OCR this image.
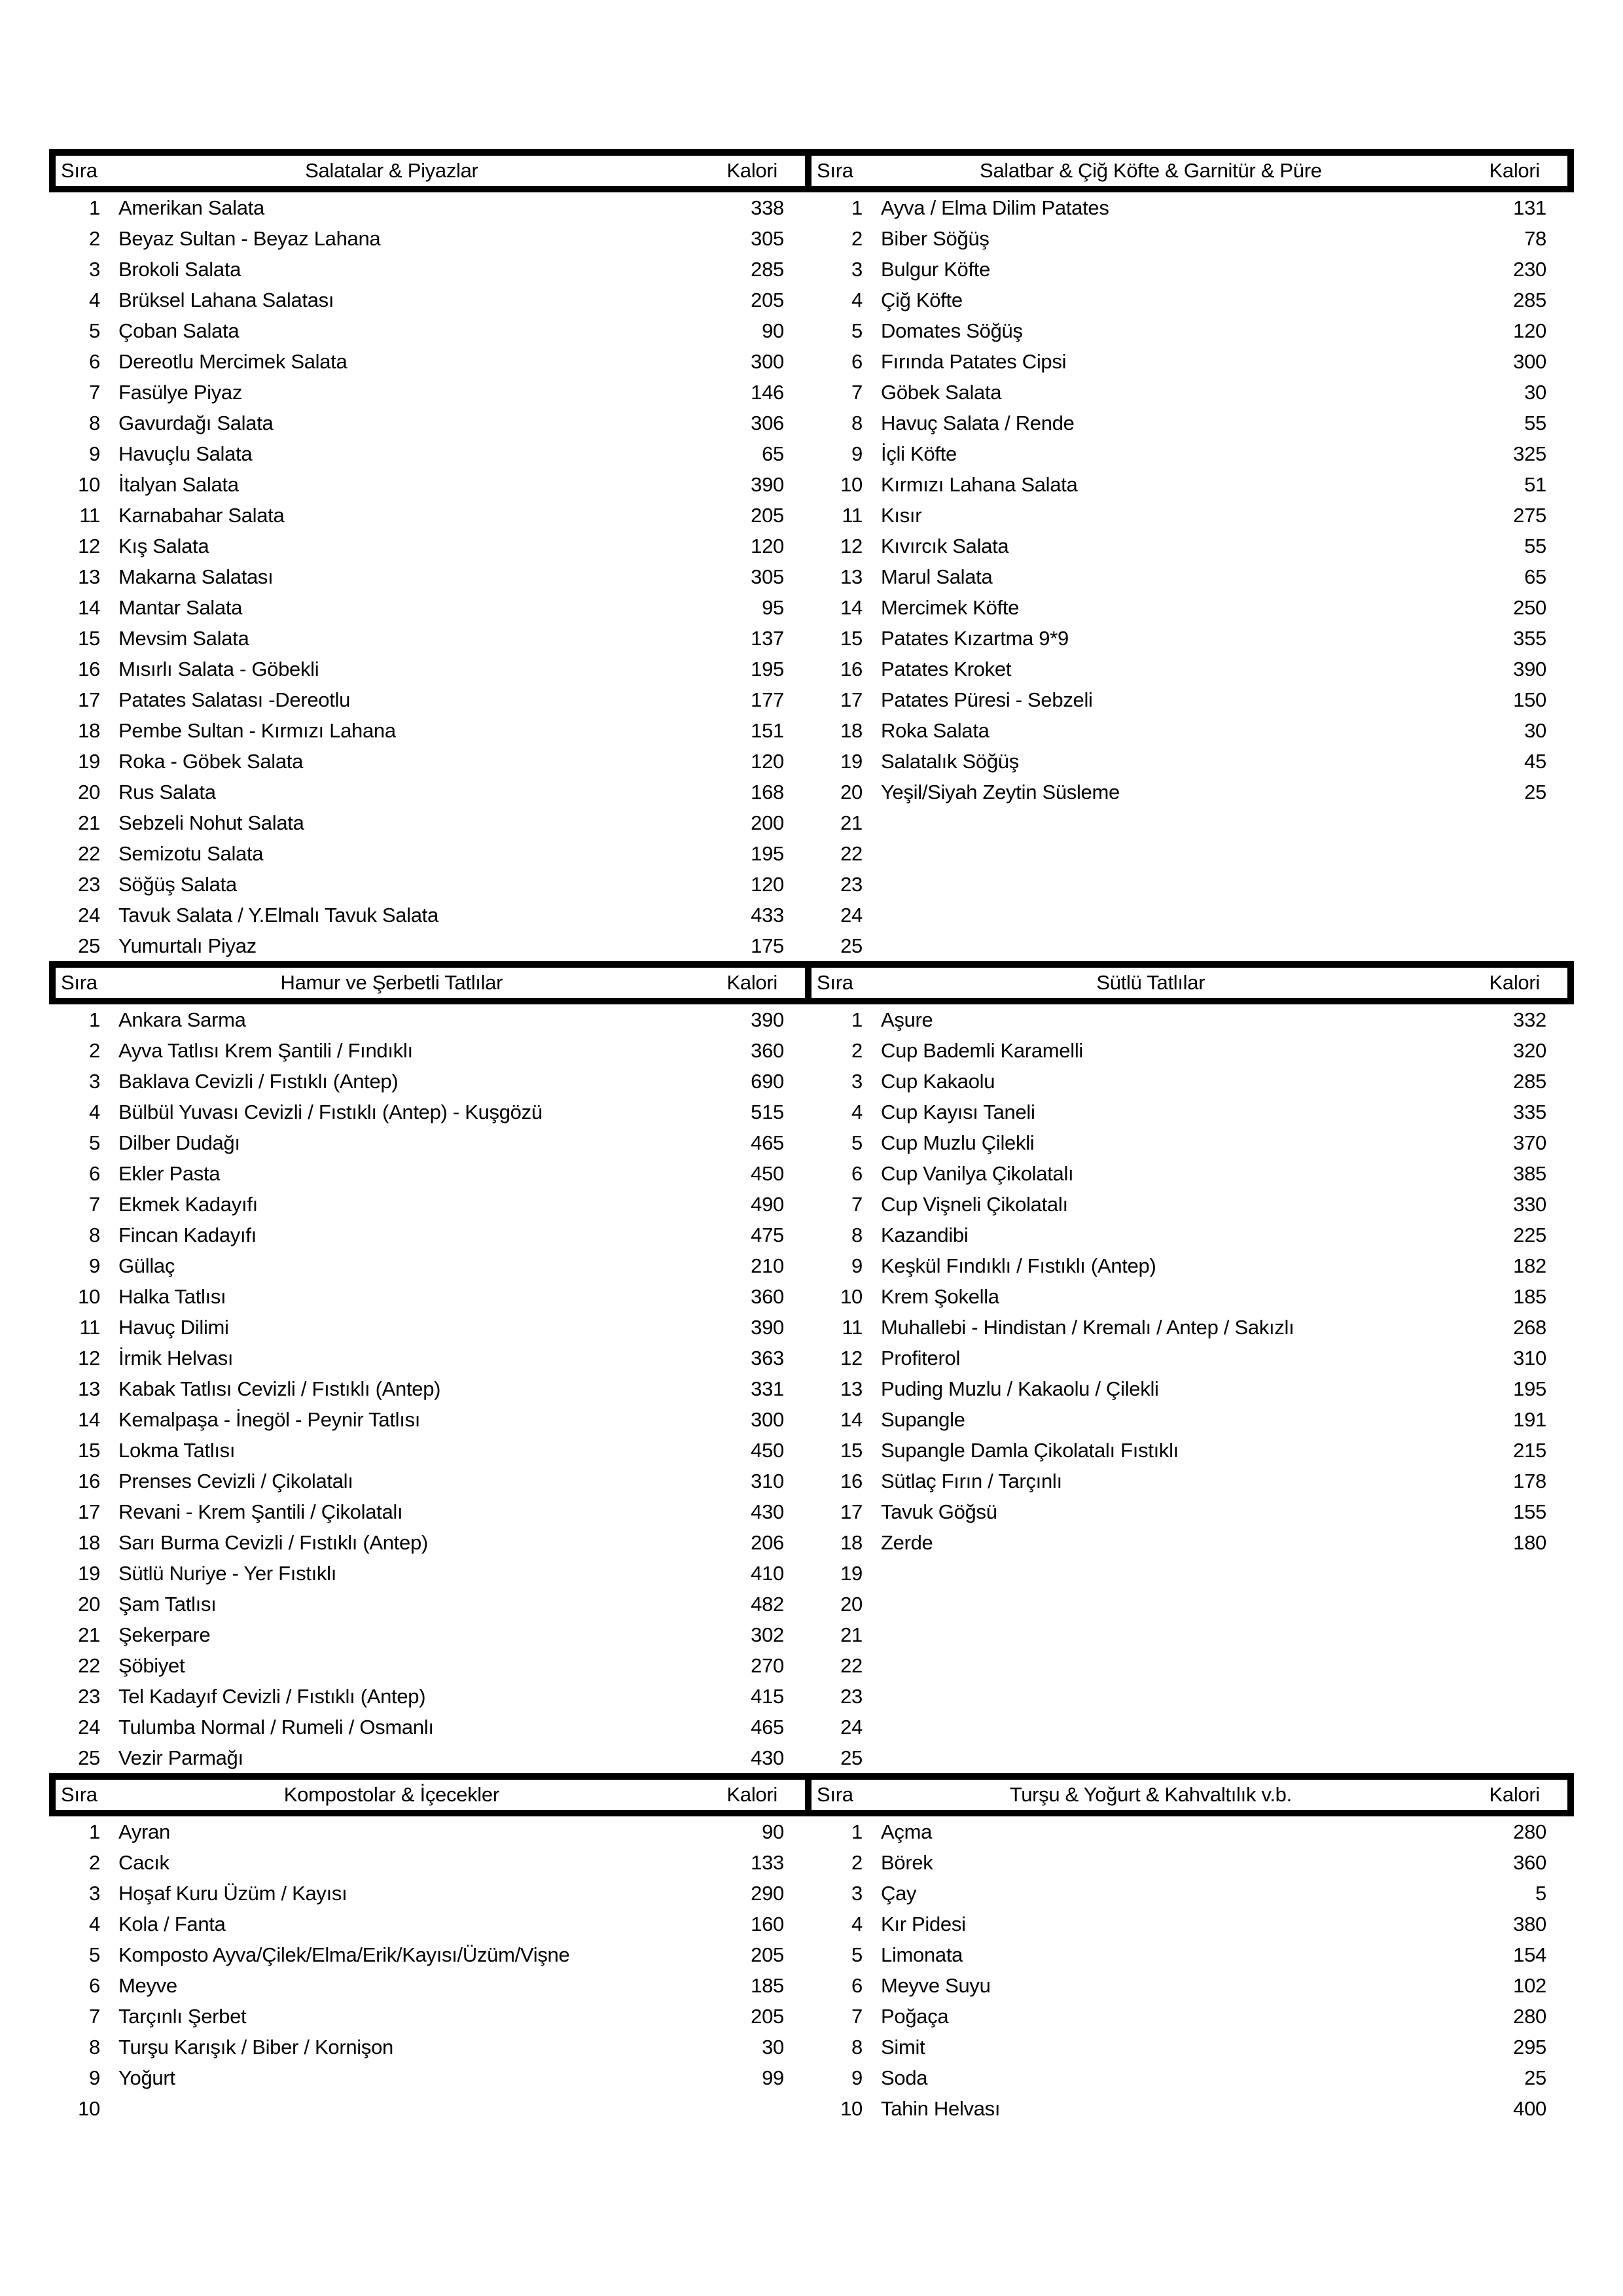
Sıra	Salatalar & Piyazlar	Kalori	Sıra	Salatbar & Çiğ Köfte & Garnitür & Püre	Kalori
1 Amerikan Salata	338
2 Beyaz Sultan - Beyaz Lahana	305
3 Brokoli Salata	285
4 Brüksel Lahana Salatası	205
5 Çoban Salata	90
6 Dereotlu Mercimek Salata	300
7 Fasülye Piyaz	146
8 Gavurdağı Salata	306
9 Havuçlu Salata	65
10 İtalyan Salata	390
11 Karnabahar Salata	205
12 Kış Salata	120
13 Makarna Salatası	305
14 Mantar Salata	95
15 Mevsim Salata	137
16 Mısırlı Salata - Göbekli	195
17 Patates Salatası -Dereotlu	177
18 Pembe Sultan - Kırmızı Lahana	151
19 Roka - Göbek Salata	120
20 Rus Salata	168
21 Sebzeli Nohut Salata	200
22 Semizotu Salata	195
23 Söğüş Salata	120
24 Tavuk Salata / Y.Elmalı Tavuk Salata	433
25 Yumurtalı Piyaz	175
1 Ayva / Elma Dilim Patates	131
2 Biber Söğüş	78
3 Bulgur Köfte	230
4 Çiğ Köfte	285
5 Domates Söğüş	120
6 Fırında Patates Cipsi	300
7 Göbek Salata	30
8 Havuç Salata / Rende	55
9 İçli Köfte	325
10 Kırmızı Lahana Salata	51
11 Kısır	275
12 Kıvırcık Salata	55
13 Marul Salata	65
14 Mercimek Köfte	250
15 Patates Kızartma 9*9	355
16 Patates Kroket	390
17 Patates Püresi - Sebzeli	150
18 Roka Salata	30
19 Salatalık Söğüş	45
20 Yeşil/Siyah Zeytin Süsleme	25
21
22
23
24
25
Sıra	Hamur ve Şerbetli Tatlılar	Kalori	Sıra	Sütlü Tatlılar	Kalori
1 Ankara Sarma	390
2 Ayva Tatlısı Krem Şantili / Fındıklı	360
3 Baklava Cevizli / Fıstıklı (Antep)	690
4 Bülbül Yuvası Cevizli / Fıstıklı (Antep) - Kuşgözü	515
5 Dilber Dudağı	465
6 Ekler Pasta	450
7 Ekmek Kadayıfı	490
8 Fincan Kadayıfı	475
9 Güllaç	210
10 Halka Tatlısı	360
11 Havuç Dilimi	390
12 İrmik Helvası	363
13 Kabak Tatlısı Cevizli / Fıstıklı (Antep)	331
14 Kemalpaşa - İnegöl - Peynir Tatlısı	300
15 Lokma Tatlısı	450
16 Prenses Cevizli / Çikolatalı	310
17 Revani - Krem Şantili / Çikolatalı	430
18 Sarı Burma Cevizli / Fıstıklı (Antep)	206
19 Sütlü Nuriye - Yer Fıstıklı	410
20 Şam Tatlısı	482
21 Şekerpare	302
22 Şöbiyet	270
23 Tel Kadayıf Cevizli / Fıstıklı (Antep)	415
24 Tulumba Normal / Rumeli / Osmanlı	465
25 Vezir Parmağı	430
1 Aşure	332
2 Cup Bademli Karamelli	320
3 Cup Kakaolu	285
4 Cup Kayısı Taneli	335
5 Cup Muzlu Çilekli	370
6 Cup Vanilya Çikolatalı	385
7 Cup Vişneli Çikolatalı	330
8 Kazandibi	225
9 Keşkül Fındıklı / Fıstıklı (Antep)	182
10 Krem Şokella	185
11 Muhallebi - Hindistan / Kremalı / Antep / Sakızlı	268
12 Profiterol	310
13 Puding Muzlu / Kakaolu / Çilekli	195
14 Supangle	191
15 Supangle Damla Çikolatalı Fıstıklı	215
16 Sütlaç Fırın / Tarçınlı	178
17 Tavuk Göğsü	155
18 Zerde	180
19
20
21
22
23
24
25
Sıra	Kompostolar & İçecekler	Kalori	Sıra	Turşu & Yoğurt & Kahvaltılık v.b.	Kalori
1 Ayran	90
2 Cacık	133
3 Hoşaf Kuru Üzüm / Kayısı	290
4 Kola / Fanta	160
5 Komposto Ayva/Çilek/Elma/Erik/Kayısı/Üzüm/Vişne	205
6 Meyve	185
7 Tarçınlı Şerbet	205
8 Turşu Karışık / Biber / Kornişon	30
9 Yoğurt	99
10
1 Açma	280
2 Börek	360
3 Çay	5
4 Kır Pidesi	380
5 Limonata	154
6 Meyve Suyu	102
7 Poğaça	280
8 Simit	295
9 Soda	25
10 Tahin Helvası	400
